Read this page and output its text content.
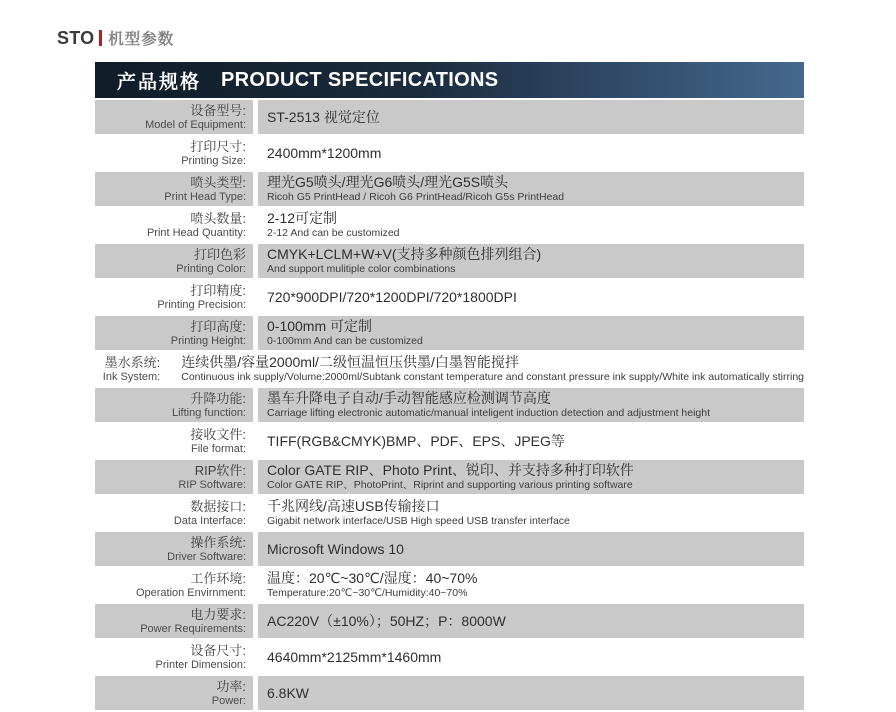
STO 机型参数
产品规格 PRODUCT SPECIFICATIONS
设备型号:
Model of Equipment: ST-2513 视觉定位
打印尺寸:
Printing Size: 2400mm*1200mm
喷头类型:
Print Head Type:
理光G5喷头/理光G6喷头/理光G5S喷头
Ricoh G5 PrintHead / Ricoh G6 PrintHead/Ricoh G5s PrintHead
喷头数量:
Print Head Quantity:
2-12可定制
2-12 And can be customized
打印色彩
Printing Color:
CMYK+LCLM+W+V(支持多种颜色排列组合)
And support mulitiple color combinations
打印精度:
Printing Precision: 720*900DPI/720*1200DPI/720*1800DPI
打印高度:
Printing Height:
0-100mm 可定制
0-100mm And can be customized
墨水系统:
Ink System:
连续供墨/容量2000ml/二级恒温恒压供墨/白墨智能搅拌
Continuous ink supply/Volume:2000ml/Subtank constant temperature and constant pressure ink supply/White ink automatically stirring
升降功能:
Lifting function:
墨车升降电子自动/手动智能感应检测调节高度
Carriage lifting electronic automatic/manual inteligent induction detection and adjustment height
接收文件:
File format: TIFF(RGB&CMYK)BMP、PDF、EPS、JPEG等
RIP软件:
RIP Software:
Color GATE RIP、Photo Print、锐印、并支持多种打印软件
Color GATE RIP、PhotoPrint、Riprint and supporting various printing software
数据接口:
Data Interface:
千兆网线/高速USB传输接口
Gigabit network interface/USB High speed USB transfer interface
操作系统:
Driver Software: Microsoft Windows 10
工作环境:
Operation Envirnment:
温度：20℃~30℃/湿度：40~70%
Temperature:20℃~30℃/Humidity:40~70%
电力要求:
Power Requirements: AC220V（±10%）；50HZ；P：8000W
设备尺寸:
Printer Dimension: 4640mm*2125mm*1460mm
功率:
Power: 6.8KW
